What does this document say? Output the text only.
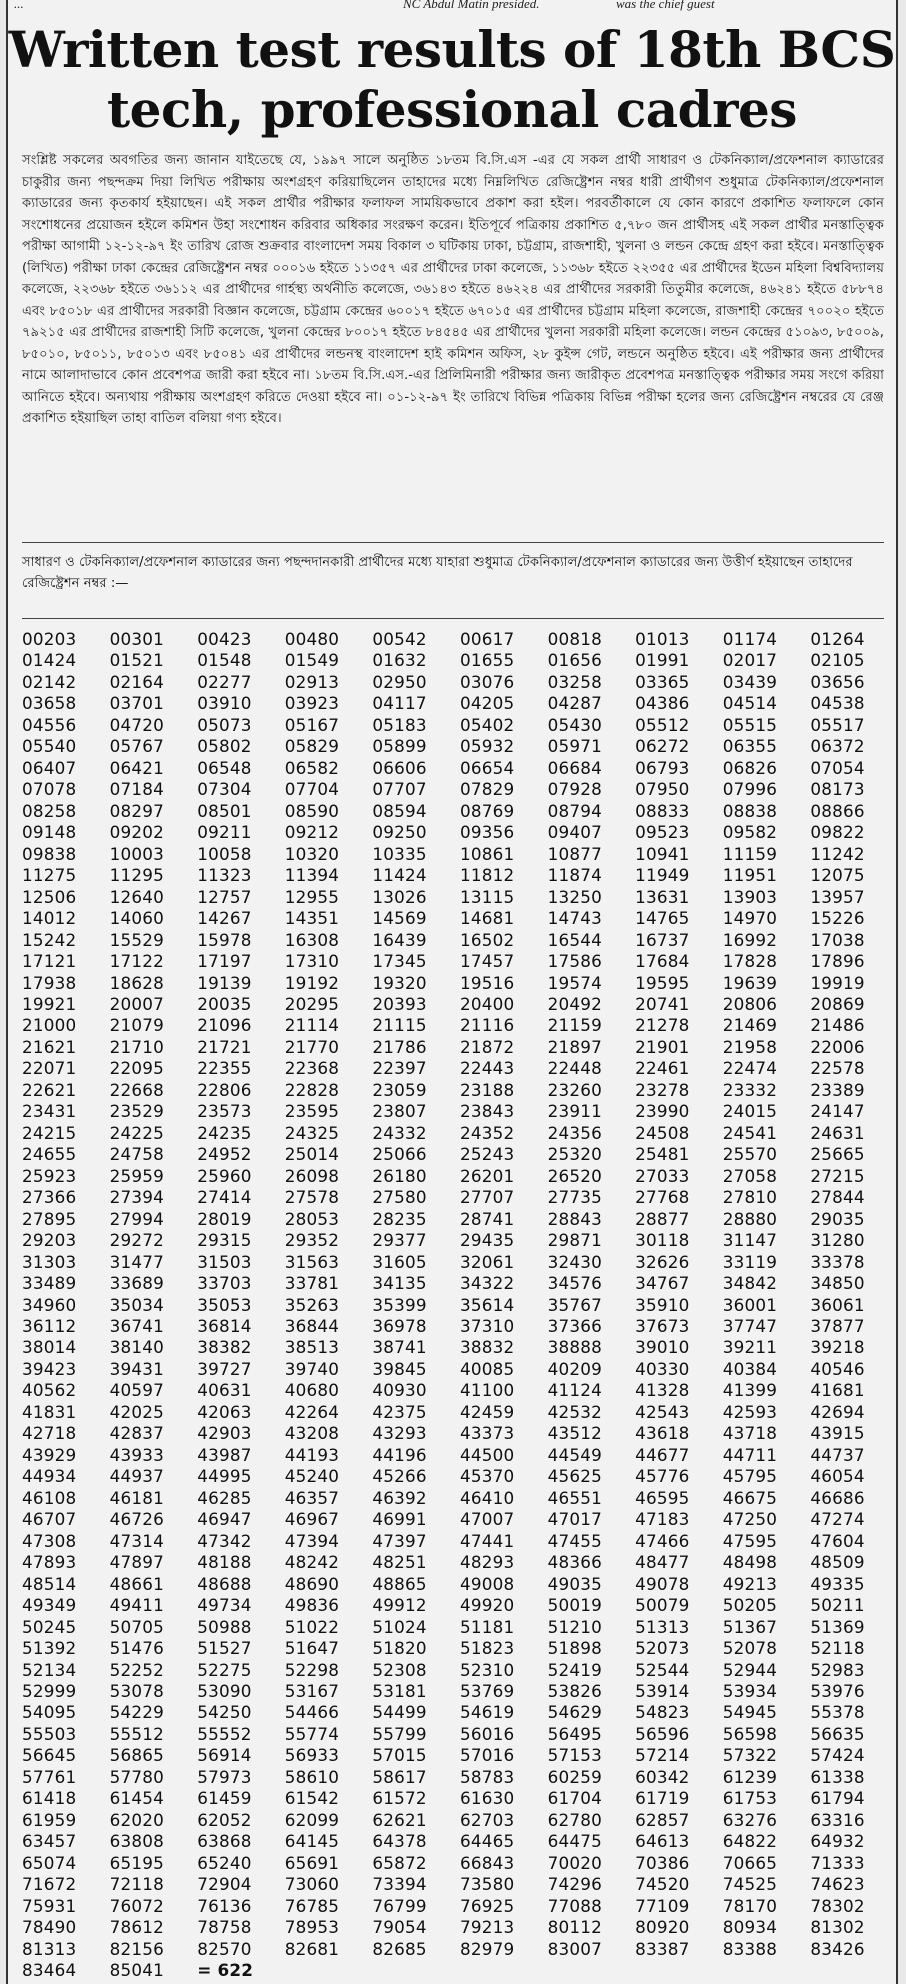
...	NC Abdul Matin presided.	was the chief guest
Written test results of 18th BCS
tech, professional cadres
সংশ্লিষ্ট সকলের অবগতির জন্য জানান যাইতেছে যে, ১৯৯৭ সালে অনুষ্ঠিত ১৮তম বি.সি.এস -এর যে সকল প্রার্থী সাধারণ ও টেকনিক্যাল/প্রফেশনাল ক্যাডারের চাকুরীর জন্য পছন্দক্রম দিয়া লিখিত পরীক্ষায় অংশগ্রহণ করিয়াছিলেন তাহাদের মধ্যে নিম্নলিখিত রেজিষ্ট্রেশন নম্বর ধারী প্রার্থীগণ শুধুমাত্র টেকনিক্যাল/প্রফেশনাল ক্যাডারের জন্য কৃতকার্য হইয়াছেন। এই সকল প্রার্থীর পরীক্ষার ফলাফল সাময়িকভাবে প্রকাশ করা হইল। পরবর্তীকালে যে কোন কারণে প্রকাশিত ফলাফলে কোন সংশোধনের প্রয়োজন হইলে কমিশন উহা সংশোধন করিবার অধিকার সংরক্ষণ করেন। ইতিপূর্বে পত্রিকায় প্রকাশিত ৫,৭৮০ জন প্রার্থীসহ এই সকল প্রার্থীর মনস্তাত্ত্বিক পরীক্ষা আগামী ১২-১২-৯৭ ইং তারিখ রোজ শুক্রবার বাংলাদেশ সময় বিকাল ৩ ঘটিকায় ঢাকা, চট্টগ্রাম, রাজশাহী, খুলনা ও লন্ডন কেন্দ্রে গ্রহণ করা হইবে। মনস্তাত্ত্বিক (লিখিত) পরীক্ষা ঢাকা কেন্দ্রের রেজিষ্ট্রেশন নম্বর ০০০১৬ হইতে ১১৩৫৭ এর প্রার্থীদের ঢাকা কলেজে, ১১৩৬৮ হইতে ২২৩৫৫ এর প্রার্থীদের ইডেন মহিলা বিশ্ববিদ্যালয় কলেজে, ২২৩৬৮ হইতে ৩৬১১২ এর প্রার্থীদের গার্হস্থ্য অর্থনীতি কলেজে, ৩৬১৪৩ হইতে ৪৬২২৪ এর প্রার্থীদের সরকারী তিতুমীর কলেজে, ৪৬২৪১ হইতে ৫৮৮৭৪ এবং ৮৫০১৮ এর প্রার্থীদের সরকারী বিজ্ঞান কলেজে, চট্টগ্রাম কেন্দ্রের ৬০০১৭ হইতে ৬৭০১৫ এর প্রার্থীদের চট্টগ্রাম মহিলা কলেজে, রাজশাহী কেন্দ্রের ৭০০২০ হইতে ৭৯২১৫ এর প্রার্থীদের রাজশাহী সিটি কলেজে, খুলনা কেন্দ্রের ৮০০১৭ হইতে ৮৪৫৪৫ এর প্রার্থীদের খুলনা সরকারী মহিলা কলেজে। লন্ডন কেন্দ্রের ৫১০৯৩, ৮৫০০৯, ৮৫০১০, ৮৫০১১, ৮৫০১৩ এবং ৮৫০৪১ এর প্রার্থীদের লন্ডনস্থ বাংলাদেশ হাই কমিশন অফিস, ২৮ কুইন্স গেট, লন্ডনে অনুষ্ঠিত হইবে। এই পরীক্ষার জন্য প্রার্থীদের নামে আলাদাভাবে কোন প্রবেশপত্র জারী করা হইবে না। ১৮তম বি.সি.এস.-এর প্রিলিমিনারী পরীক্ষার জন্য জারীকৃত প্রবেশপত্র মনস্তাত্ত্বিক পরীক্ষার সময় সংগে করিয়া আনিতে হইবে। অন্যথায় পরীক্ষায় অংশগ্রহণ করিতে দেওয়া হইবে না। ০১-১২-৯৭ ইং তারিখে বিভিন্ন পত্রিকায় বিভিন্ন পরীক্ষা হলের জন্য রেজিষ্ট্রেশন নম্বরের যে রেঞ্জ প্রকাশিত হইয়াছিল তাহা বাতিল বলিয়া গণ্য হইবে।
সাধারণ ও টেকনিক্যাল/প্রফেশনাল ক্যাডারের জন্য পছন্দদানকারী প্রার্থীদের মধ্যে যাহারা শুধুমাত্র টেকনিক্যাল/প্রফেশনাল ক্যাডারের জন্য উত্তীর্ণ হইয়াছেন তাহাদের রেজিষ্ট্রেশন নম্বর :—
00203	00301	00423	00480	00542	00617	00818	01013	01174	01264
01424	01521	01548	01549	01632	01655	01656	01991	02017	02105
02142	02164	02277	02913	02950	03076	03258	03365	03439	03656
03658	03701	03910	03923	04117	04205	04287	04386	04514	04538
04556	04720	05073	05167	05183	05402	05430	05512	05515	05517
05540	05767	05802	05829	05899	05932	05971	06272	06355	06372
06407	06421	06548	06582	06606	06654	06684	06793	06826	07054
07078	07184	07304	07704	07707	07829	07928	07950	07996	08173
08258	08297	08501	08590	08594	08769	08794	08833	08838	08866
09148	09202	09211	09212	09250	09356	09407	09523	09582	09822
09838	10003	10058	10320	10335	10861	10877	10941	11159	11242
11275	11295	11323	11394	11424	11812	11874	11949	11951	12075
12506	12640	12757	12955	13026	13115	13250	13631	13903	13957
14012	14060	14267	14351	14569	14681	14743	14765	14970	15226
15242	15529	15978	16308	16439	16502	16544	16737	16992	17038
17121	17122	17197	17310	17345	17457	17586	17684	17828	17896
17938	18628	19139	19192	19320	19516	19574	19595	19639	19919
19921	20007	20035	20295	20393	20400	20492	20741	20806	20869
21000	21079	21096	21114	21115	21116	21159	21278	21469	21486
21621	21710	21721	21770	21786	21872	21897	21901	21958	22006
22071	22095	22355	22368	22397	22443	22448	22461	22474	22578
22621	22668	22806	22828	23059	23188	23260	23278	23332	23389
23431	23529	23573	23595	23807	23843	23911	23990	24015	24147
24215	24225	24235	24325	24332	24352	24356	24508	24541	24631
24655	24758	24952	25014	25066	25243	25320	25481	25570	25665
25923	25959	25960	26098	26180	26201	26520	27033	27058	27215
27366	27394	27414	27578	27580	27707	27735	27768	27810	27844
27895	27994	28019	28053	28235	28741	28843	28877	28880	29035
29203	29272	29315	29352	29377	29435	29871	30118	31147	31280
31303	31477	31503	31563	31605	32061	32430	32626	33119	33378
33489	33689	33703	33781	34135	34322	34576	34767	34842	34850
34960	35034	35053	35263	35399	35614	35767	35910	36001	36061
36112	36741	36814	36844	36978	37310	37366	37673	37747	37877
38014	38140	38382	38513	38741	38832	38888	39010	39211	39218
39423	39431	39727	39740	39845	40085	40209	40330	40384	40546
40562	40597	40631	40680	40930	41100	41124	41328	41399	41681
41831	42025	42063	42264	42375	42459	42532	42543	42593	42694
42718	42837	42903	43208	43293	43373	43512	43618	43718	43915
43929	43933	43987	44193	44196	44500	44549	44677	44711	44737
44934	44937	44995	45240	45266	45370	45625	45776	45795	46054
46108	46181	46285	46357	46392	46410	46551	46595	46675	46686
46707	46726	46947	46967	46991	47007	47017	47183	47250	47274
47308	47314	47342	47394	47397	47441	47455	47466	47595	47604
47893	47897	48188	48242	48251	48293	48366	48477	48498	48509
48514	48661	48688	48690	48865	49008	49035	49078	49213	49335
49349	49411	49734	49836	49912	49920	50019	50079	50205	50211
50245	50705	50988	51022	51024	51181	51210	51313	51367	51369
51392	51476	51527	51647	51820	51823	51898	52073	52078	52118
52134	52252	52275	52298	52308	52310	52419	52544	52944	52983
52999	53078	53090	53167	53181	53769	53826	53914	53934	53976
54095	54229	54250	54466	54499	54619	54629	54823	54945	55378
55503	55512	55552	55774	55799	56016	56495	56596	56598	56635
56645	56865	56914	56933	57015	57016	57153	57214	57322	57424
57761	57780	57973	58610	58617	58783	60259	60342	61239	61338
61418	61454	61459	61542	61572	61630	61704	61719	61753	61794
61959	62020	62052	62099	62621	62703	62780	62857	63276	63316
63457	63808	63868	64145	64378	64465	64475	64613	64822	64932
65074	65195	65240	65691	65872	66843	70020	70386	70665	71333
71672	72118	72904	73060	73394	73580	74296	74520	74525	74623
75931	76072	76136	76785	76799	76925	77088	77109	78170	78302
78490	78612	78758	78953	79054	79213	80112	80920	80934	81302
81313	82156	82570	82681	82685	82979	83007	83387	83388	83426
83464	85041	= 622
